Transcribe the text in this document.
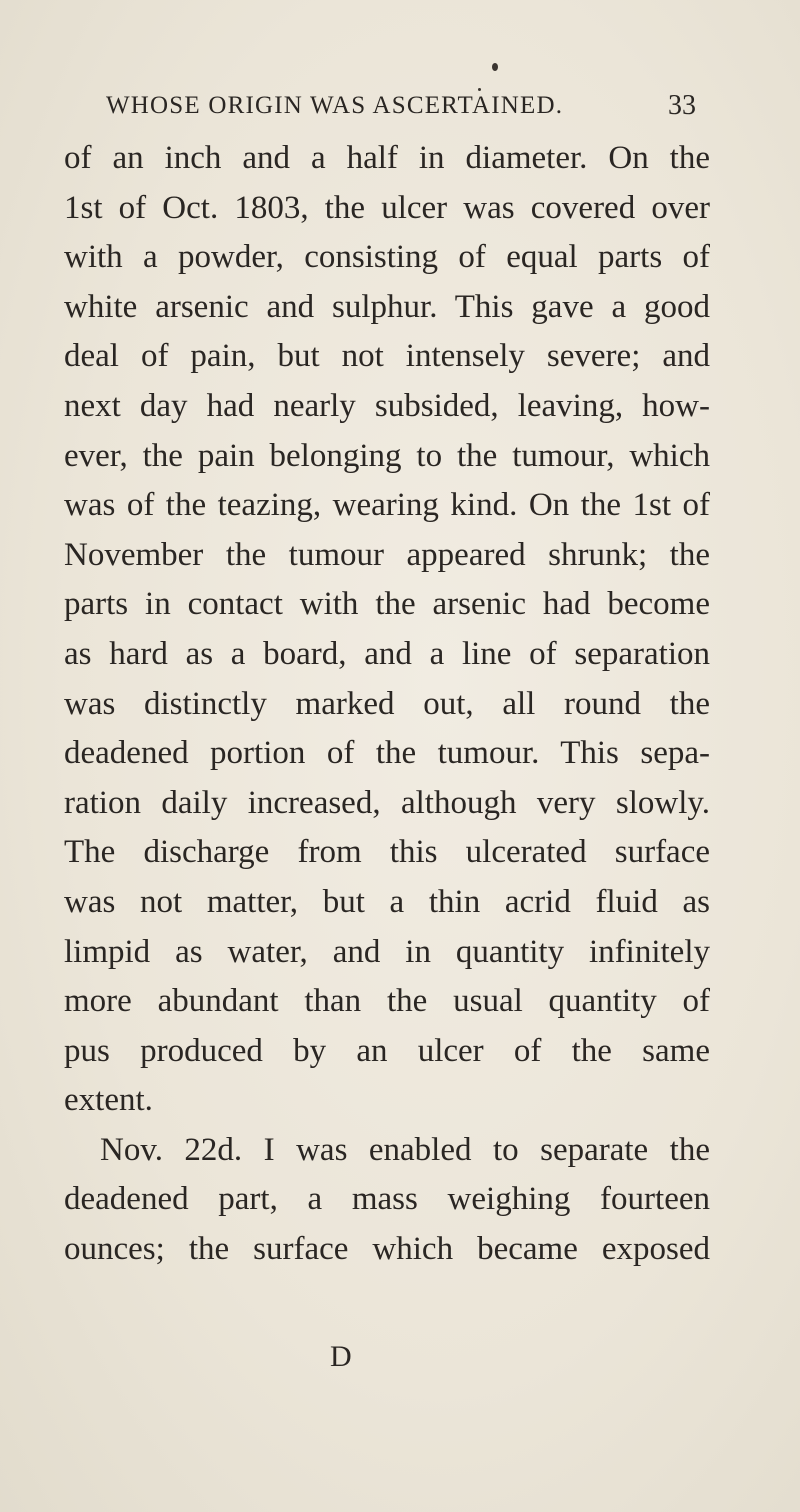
WHOSE ORIGIN WAS ASCERTAINED.	33
of an inch and a half in diameter. On the
1st of Oct. 1803, the ulcer was covered over
with a powder, consisting of equal parts of
white arsenic and sulphur. This gave a good
deal of pain, but not intensely severe; and
next day had nearly subsided, leaving, how-
ever, the pain belonging to the tumour, which
was of the teazing, wearing kind. On the 1st of
November the tumour appeared shrunk; the
parts in contact with the arsenic had become
as hard as a board, and a line of separation
was distinctly marked out, all round the
deadened portion of the tumour. This sepa-
ration daily increased, although very slowly.
The discharge from this ulcerated surface
was not matter, but a thin acrid fluid as
limpid as water, and in quantity infinitely
more abundant than the usual quantity of
pus produced by an ulcer of the same
extent.
Nov. 22d. I was enabled to separate the
deadened part, a mass weighing fourteen
ounces; the surface which became exposed
D
